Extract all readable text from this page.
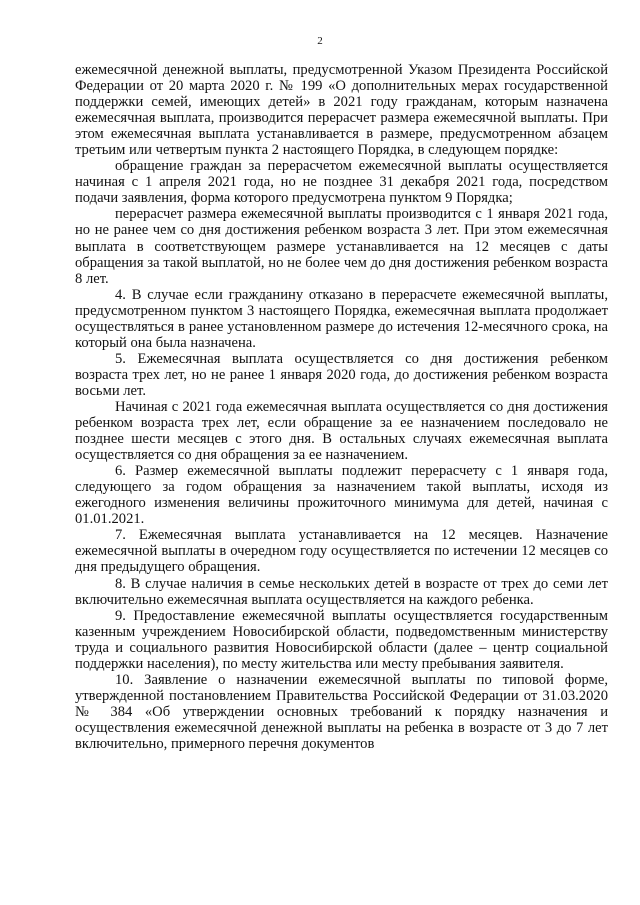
2

ежемесячной денежной выплаты, предусмотренной Указом Президента Российской Федерации от 20 марта 2020 г. № 199 «О дополнительных мерах государственной поддержки семей, имеющих детей» в 2021 году гражданам, которым назначена ежемесячная выплата, производится перерасчет размера ежемесячной выплаты. При этом ежемесячная выплата устанавливается в размере, предусмотренном абзацем третьим или четвертым пункта 2 настоящего Порядка, в следующем порядке:

обращение граждан за перерасчетом ежемесячной выплаты осуществляется начиная с 1 апреля 2021 года, но не позднее 31 декабря 2021 года, посредством подачи заявления, форма которого предусмотрена пунктом 9 Порядка;

перерасчет размера ежемесячной выплаты производится с 1 января 2021 года, но не ранее чем со дня достижения ребенком возраста 3 лет. При этом ежемесячная выплата в соответствующем размере устанавливается на 12 месяцев с даты обращения за такой выплатой, но не более чем до дня достижения ребенком возраста 8 лет.

4. В случае если гражданину отказано в перерасчете ежемесячной выплаты, предусмотренном пунктом 3 настоящего Порядка, ежемесячная выплата продолжает осуществляться в ранее установленном размере до истечения 12-месячного срока, на который она была назначена.

5. Ежемесячная выплата осуществляется со дня достижения ребенком возраста трех лет, но не ранее 1 января 2020 года, до достижения ребенком возраста восьми лет.

Начиная с 2021 года ежемесячная выплата осуществляется со дня достижения ребенком возраста трех лет, если обращение за ее назначением последовало не позднее шести месяцев с этого дня. В остальных случаях ежемесячная выплата осуществляется со дня обращения за ее назначением.

6. Размер ежемесячной выплаты подлежит перерасчету с 1 января года, следующего за годом обращения за назначением такой выплаты, исходя из ежегодного изменения величины прожиточного минимума для детей, начиная с 01.01.2021.

7. Ежемесячная выплата устанавливается на 12 месяцев. Назначение ежемесячной выплаты в очередном году осуществляется по истечении 12 месяцев со дня предыдущего обращения.

8. В случае наличия в семье нескольких детей в возрасте от трех до семи лет включительно ежемесячная выплата осуществляется на каждого ребенка.

9. Предоставление ежемесячной выплаты осуществляется государственным казенным учреждением Новосибирской области, подведомственным министерству труда и социального развития Новосибирской области (далее – центр социальной поддержки населения), по месту жительства или месту пребывания заявителя.

10. Заявление о назначении ежемесячной выплаты по типовой форме, утвержденной постановлением Правительства Российской Федерации от 31.03.2020 № 384 «Об утверждении основных требований к порядку назначения и осуществления ежемесячной денежной выплаты на ребенка в возрасте от 3 до 7 лет включительно, примерного перечня документов
